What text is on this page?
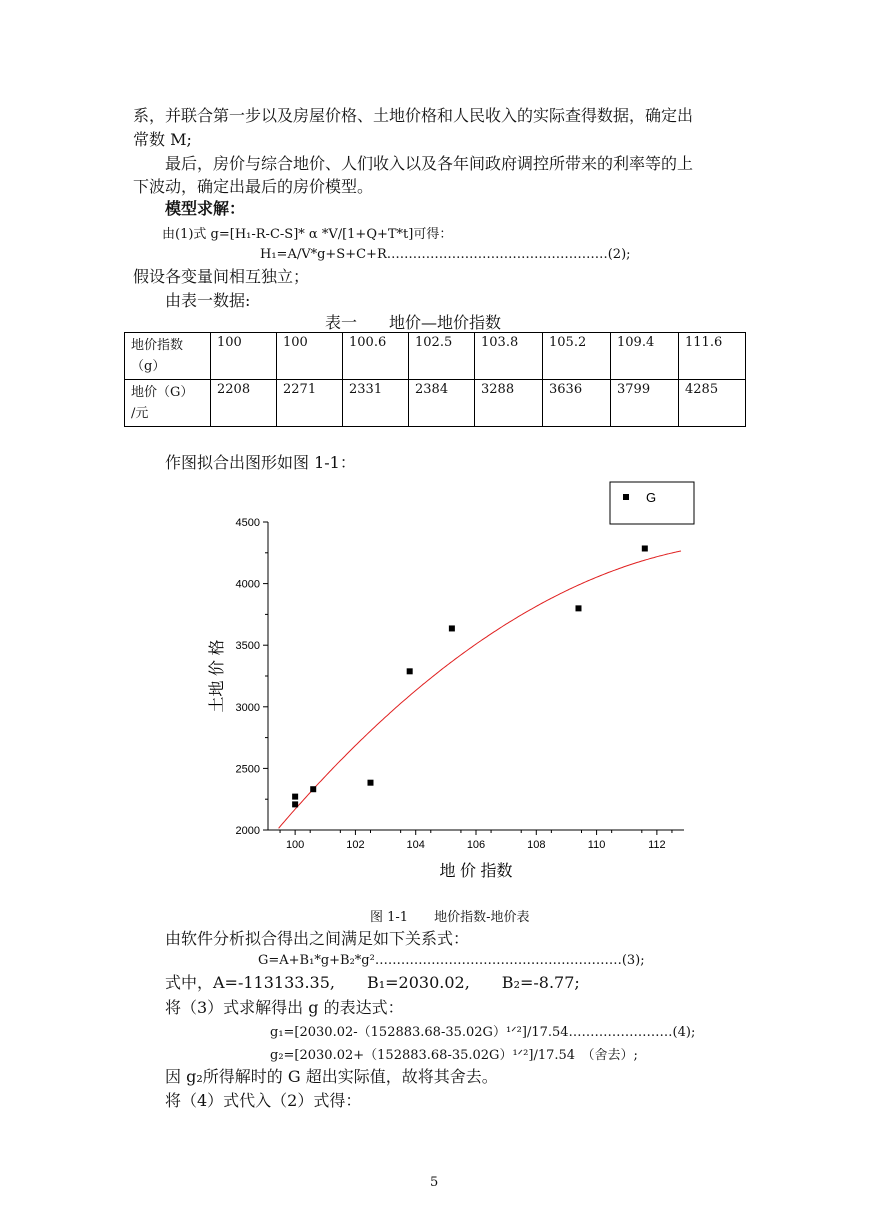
系，并联合第一步以及房屋价格、土地价格和人民收入的实际查得数据，确定出
常数 M;
最后，房价与综合地价、人们收入以及各年间政府调控所带来的利率等的上
下波动，确定出最后的房价模型。
模型求解：
由(1)式 g=[H₁-R-C-S]* α *V/[1+Q+T*t]可得：
H₁=A/V*g+S+C+R……………………………………………(2);
假设各变量间相互独立；
由表一数据:
表一　　地价—地价指数
地价指数
（g）	100	100	100.6	102.5	103.8	105.2	109.4	111.6
地价（G）
/元	2208	2271	2331	2384	3288	3636	3799	4285
作图拟合出图形如图 1-1：
100	102	104	106	108	110	112
2000
2500
3000
3500
4000
4500
地 价 指数
土地 价 格
G
图 1-1　　地价指数-地价表
由软件分析拟合得出之间满足如下关系式：
G=A+B₁*g+B₂*g²…………………………………………………(3);
式中，A=-113133.35,　　B₁=2030.02,　　B₂=-8.77;
将（3）式求解得出 g 的表达式：
g₁=[2030.02-（152883.68-35.02G）¹ᐟ²]/17.54……………………(4);
g₂=[2030.02+（152883.68-35.02G）¹ᐟ²]/17.54　（舍去）;
因 g₂所得解时的 G 超出实际值，故将其舍去。
将（4）式代入（2）式得：
5
